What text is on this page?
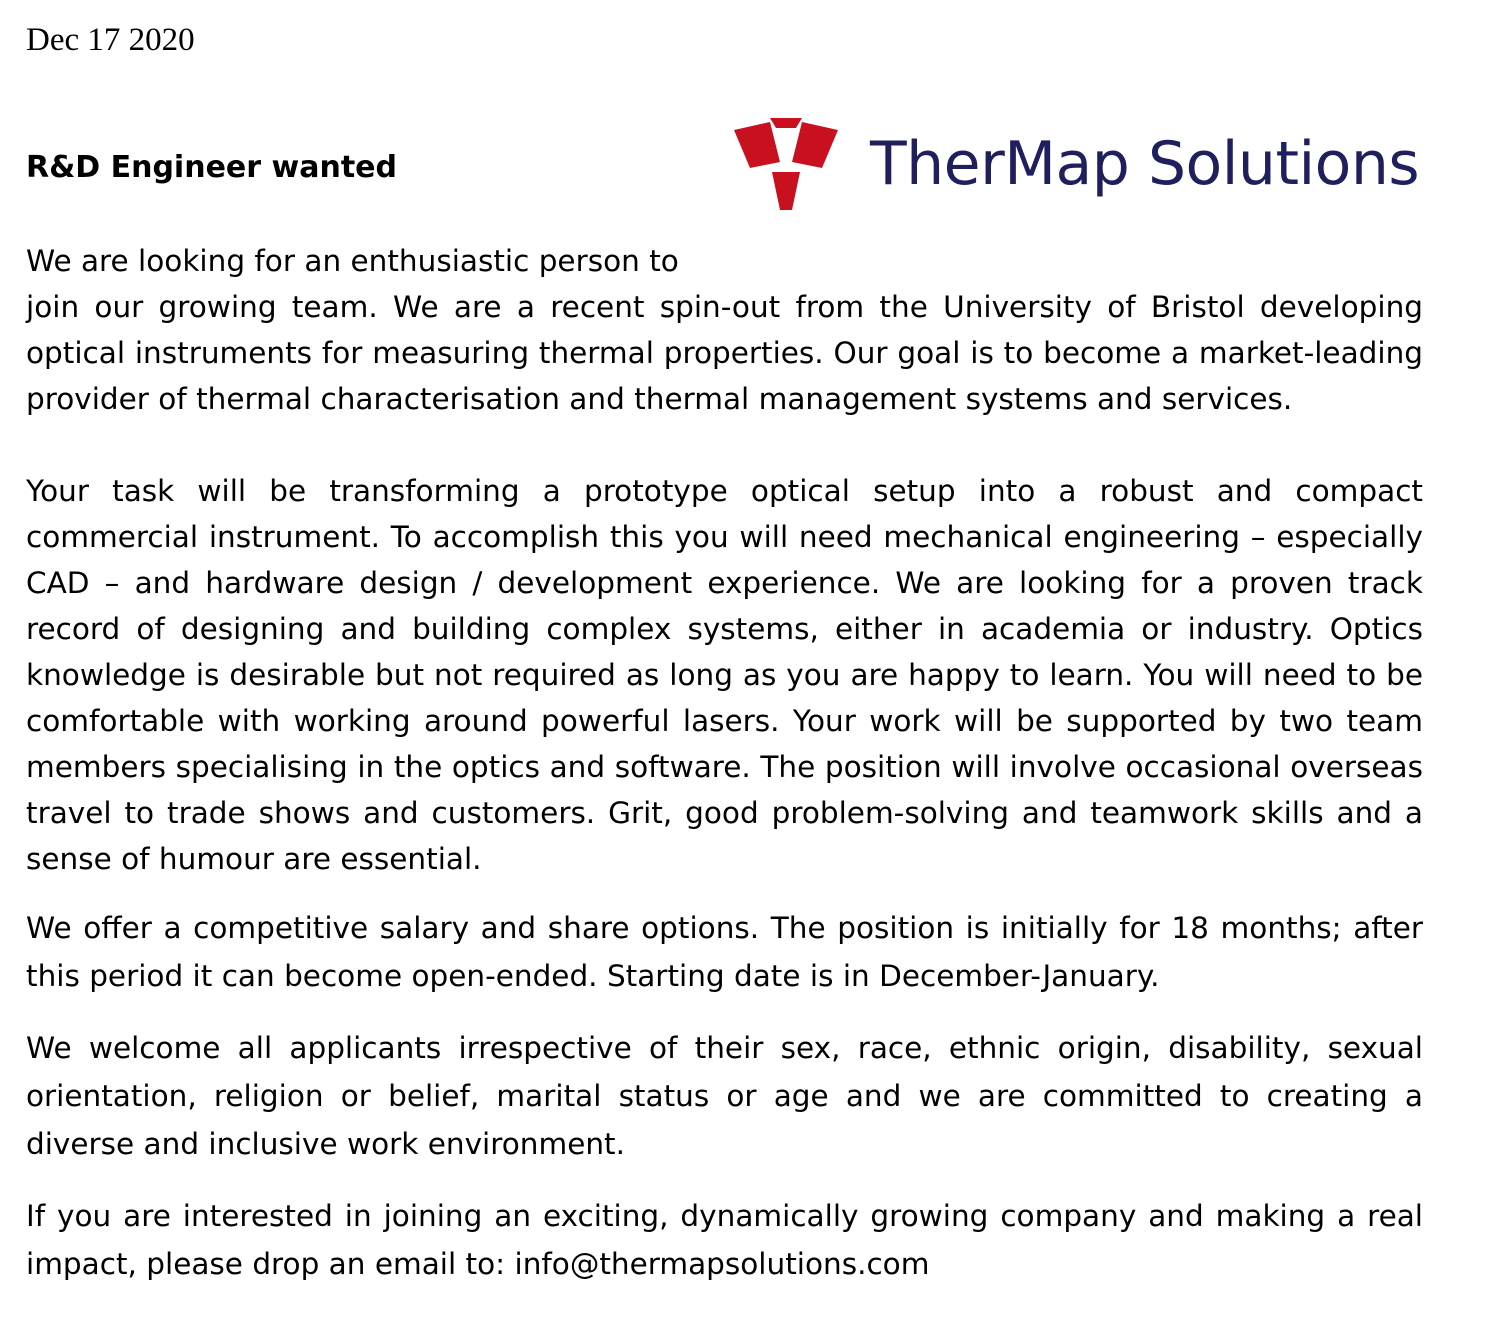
Dec 17 2020
TherMap Solutions
R&D Engineer wanted

We are looking for an enthusiastic person to
join our growing team. We are a recent spin-out from the University of Bristol developing optical instruments for measuring thermal properties. Our goal is to become a market-leading provider of thermal characterisation and thermal management systems and services.

Your task will be transforming a prototype optical setup into a robust and compact commercial instrument. To accomplish this you will need mechanical engineering – especially CAD – and hardware design / development experience. We are looking for a proven track record of designing and building complex systems, either in academia or industry. Optics knowledge is desirable but not required as long as you are happy to learn. You will need to be comfortable with working around powerful lasers. Your work will be supported by two team members specialising in the optics and software. The position will involve occasional overseas travel to trade shows and customers. Grit, good problem-solving and teamwork skills and a sense of humour are essential.

We offer a competitive salary and share options. The position is initially for 18 months; after this period it can become open-ended. Starting date is in December-January.

We welcome all applicants irrespective of their sex, race, ethnic origin, disability, sexual orientation, religion or belief, marital status or age and we are committed to creating a diverse and inclusive work environment.

If you are interested in joining an exciting, dynamically growing company and making a real impact, please drop an email to: info@thermapsolutions.com
